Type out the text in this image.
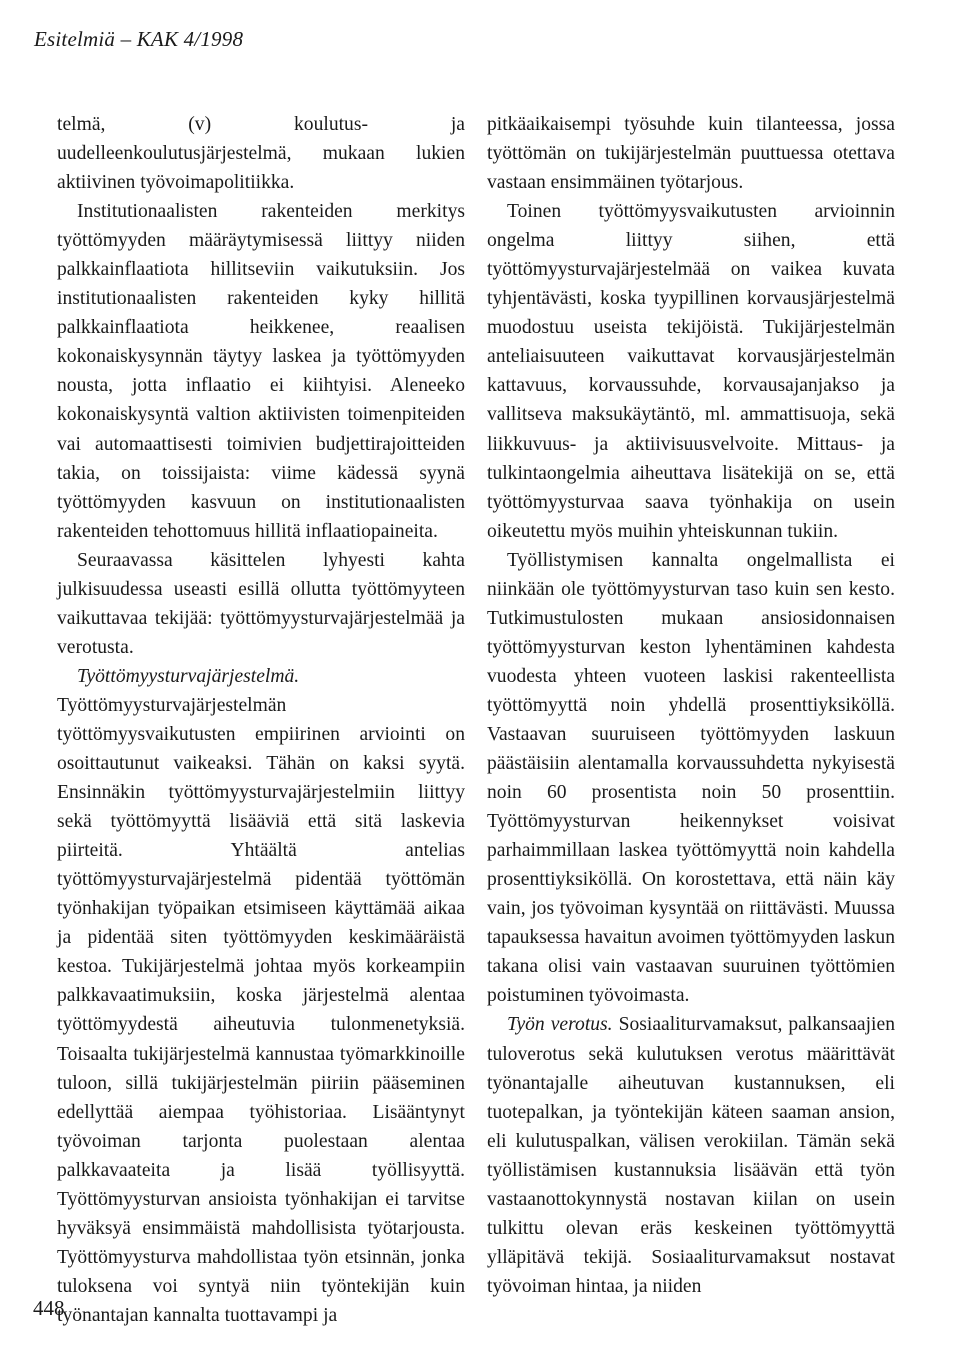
Esitelmiä – KAK 4/1998

telmä, (v) koulutus- ja uudelleenkoulutusjärjestelmä, mukaan lukien aktiivinen työvoimapolitiikka.

Institutionaalisten rakenteiden merkitys työttömyyden määräytymisessä liittyy niiden palkkainflaatiota hillitseviin vaikutuksiin. Jos institutionaalisten rakenteiden kyky hillitä palkkainflaatiota heikkenee, reaalisen kokonaiskysynnän täytyy laskea ja työttömyyden nousta, jotta inflaatio ei kiihtyisi. Aleneeko kokonaiskysyntä valtion aktiivisten toimenpiteiden vai automaattisesti toimivien budjettirajoitteiden takia, on toissijaista: viime kädessä syynä työttömyyden kasvuun on institutionaalisten rakenteiden tehottomuus hillitä inflaatiopaineita.

Seuraavassa käsittelen lyhyesti kahta julkisuudessa useasti esillä ollutta työttömyyteen vaikuttavaa tekijää: työttömyysturvajärjestelmää ja verotusta.

Työttömyysturvajärjestelmä. Työttömyysturvajärjestelmän työttömyysvaikutusten empiirinen arviointi on osoittautunut vaikeaksi. Tähän on kaksi syytä. Ensinnäkin työttömyysturvajärjestelmiin liittyy sekä työttömyyttä lisääviä että sitä laskevia piirteitä. Yhtäältä antelias työttömyysturvajärjestelmä pidentää työttömän työnhakijan työpaikan etsimiseen käyttämää aikaa ja pidentää siten työttömyyden keskimääräistä kestoa. Tukijärjestelmä johtaa myös korkeampiin palkkavaatimuksiin, koska järjestelmä alentaa työttömyydestä aiheutuvia tulonmenetyksiä. Toisaalta tukijärjestelmä kannustaa työmarkkinoille tuloon, sillä tukijärjestelmän piiriin pääseminen edellyttää aiempaa työhistoriaa. Lisääntynyt työvoiman tarjonta puolestaan alentaa palkkavaateita ja lisää työllisyyttä. Työttömyysturvan ansioista työnhakijan ei tarvitse hyväksyä ensimmäistä mahdollisista työtarjousta. Työttömyysturva mahdollistaa työn etsinnän, jonka tuloksena voi syntyä niin työntekijän kuin työnantajan kannalta tuottavampi ja

pitkäaikaisempi työsuhde kuin tilanteessa, jossa työttömän on tukijärjestelmän puuttuessa otettava vastaan ensimmäinen työtarjous.

Toinen työttömyysvaikutusten arvioinnin ongelma liittyy siihen, että työttömyysturvajärjestelmää on vaikea kuvata tyhjentävästi, koska tyypillinen korvausjärjestelmä muodostuu useista tekijöistä. Tukijärjestelmän anteliaisuuteen vaikuttavat korvausjärjestelmän kattavuus, korvaussuhde, korvausajanjakso ja vallitseva maksukäytäntö, ml. ammattisuoja, sekä liikkuvuus- ja aktiivisuusvelvoite. Mittaus- ja tulkintaongelmia aiheuttava lisätekijä on se, että työttömyysturvaa saava työnhakija on usein oikeutettu myös muihin yhteiskunnan tukiin.

Työllistymisen kannalta ongelmallista ei niinkään ole työttömyysturvan taso kuin sen kesto. Tutkimustulosten mukaan ansiosidonnaisen työttömyysturvan keston lyhentäminen kahdesta vuodesta yhteen vuoteen laskisi rakenteellista työttömyyttä noin yhdellä prosenttiyksiköllä. Vastaavan suuruiseen työttömyyden laskuun päästäisiin alentamalla korvaussuhdetta nykyisestä noin 60 prosentista noin 50 prosenttiin. Työttömyysturvan heikennykset voisivat parhaimmillaan laskea työttömyyttä noin kahdella prosenttiyksiköllä. On korostettava, että näin käy vain, jos työvoiman kysyntää on riittävästi. Muussa tapauksessa havaitun avoimen työttömyyden laskun takana olisi vain vastaavan suuruinen työttömien poistuminen työvoimasta.

Työn verotus. Sosiaaliturvamaksut, palkansaajien tuloverotus sekä kulutuksen verotus määrittävät työnantajalle aiheutuvan kustannuksen, eli tuotepalkan, ja työntekijän käteen saaman ansion, eli kulutuspalkan, välisen verokiilan. Tämän sekä työllistämisen kustannuksia lisäävän että työn vastaanottokynnystä nostavan kiilan on usein tulkittu olevan eräs keskeinen työttömyyttä ylläpitävä tekijä. Sosiaaliturvamaksut nostavat työvoiman hintaa, ja niiden

448
